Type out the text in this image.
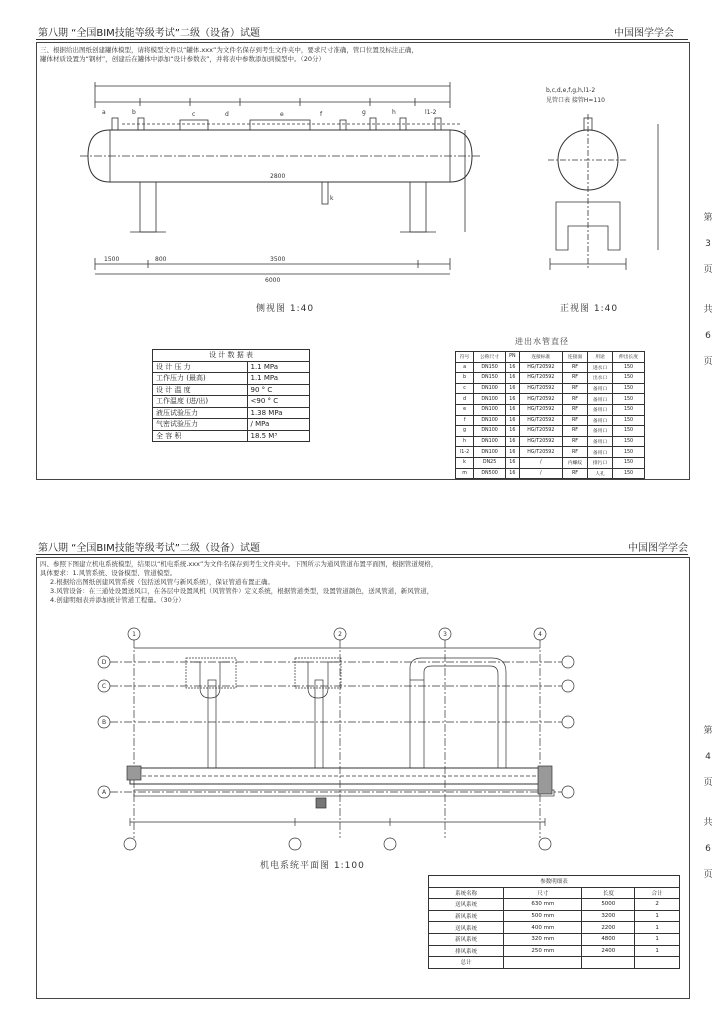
第八期 “全国BIM技能等级考试”二级（设备）试题	中国图学学会
三、根据给出图纸创建罐体模型，请将模型文件以“罐体.xxx”为文件名保存到考生文件夹中，要求尺寸准确，管口位置及标注正确，
罐体材质设置为“钢材”，创建后在罐体中添加“设计参数表”，并将表中参数添加到模型中。（20分）
第
3
页
共
6
页
a	b	c	d	e	f	g	h	l1-2
k
1500	800
2800
3500
6000
b,c,d,e,f,g,h,l1-2
见管口表 接管H=110
侧视图 1:40	正视图 1:40
设 计 数 据 表	
设 计 压 力	1.1 MPa
工作压力 (最高)	1.1 MPa
设 计 温 度	90 ° C
工作温度 (进/出)	<90 ° C
液压试验压力	1.38 MPa
气密试验压力	/ MPa
全 容 积	18.5 M³
进出水管直径
符号	公称尺寸	PN	连接标准	连接面	用途	伸出长度
a	DN150	16	HG/T20592	RF	进水口	150
b	DN150	16	HG/T20592	RF	出水口	150
c	DN100	16	HG/T20592	RF	备用口	150
d	DN100	16	HG/T20592	RF	备用口	150
e	DN100	16	HG/T20592	RF	备用口	150
f	DN100	16	HG/T20592	RF	备用口	150
g	DN100	16	HG/T20592	RF	备用口	150
h	DN100	16	HG/T20592	RF	备用口	150
l1-2	DN100	16	HG/T20592	RF	备用口	150
k	DN25	16	/	内螺纹	排污口	150
m	DN500	16	/	RF	人孔	150
第八期 “全国BIM技能等级考试”二级（设备）试题	中国图学学会
四、参照下图建立机电系统模型，结果以“机电系统.xxx”为文件名保存到考生文件夹中。下图所示为通风管道布置平面图，根据管道规格，
具体要求：1.风管系统、设备模型、管道模型。
2.根据给出图纸创建风管系统（包括送风管与新风系统），保证管道布置正确。
3.风管设备：在三通处设置送风口，在各层中设置风机（风管管件）定义系统，根据管道类型，设置管道颜色，送风管道，新风管道，
4.创建明细表并添加统计管道工程量。（30分）
第
4
页
共
6
页
1	2	3	4
D
C
B
A
机电系统平面图 1:100
参数明细表			
系统名称	尺寸	长度	合计
送风系统	630 mm	5000	2
新风系统	500 mm	3200	1
送风系统	400 mm	2200	1
新风系统	320 mm	4800	1
排风系统	250 mm	2400	1
总计			
